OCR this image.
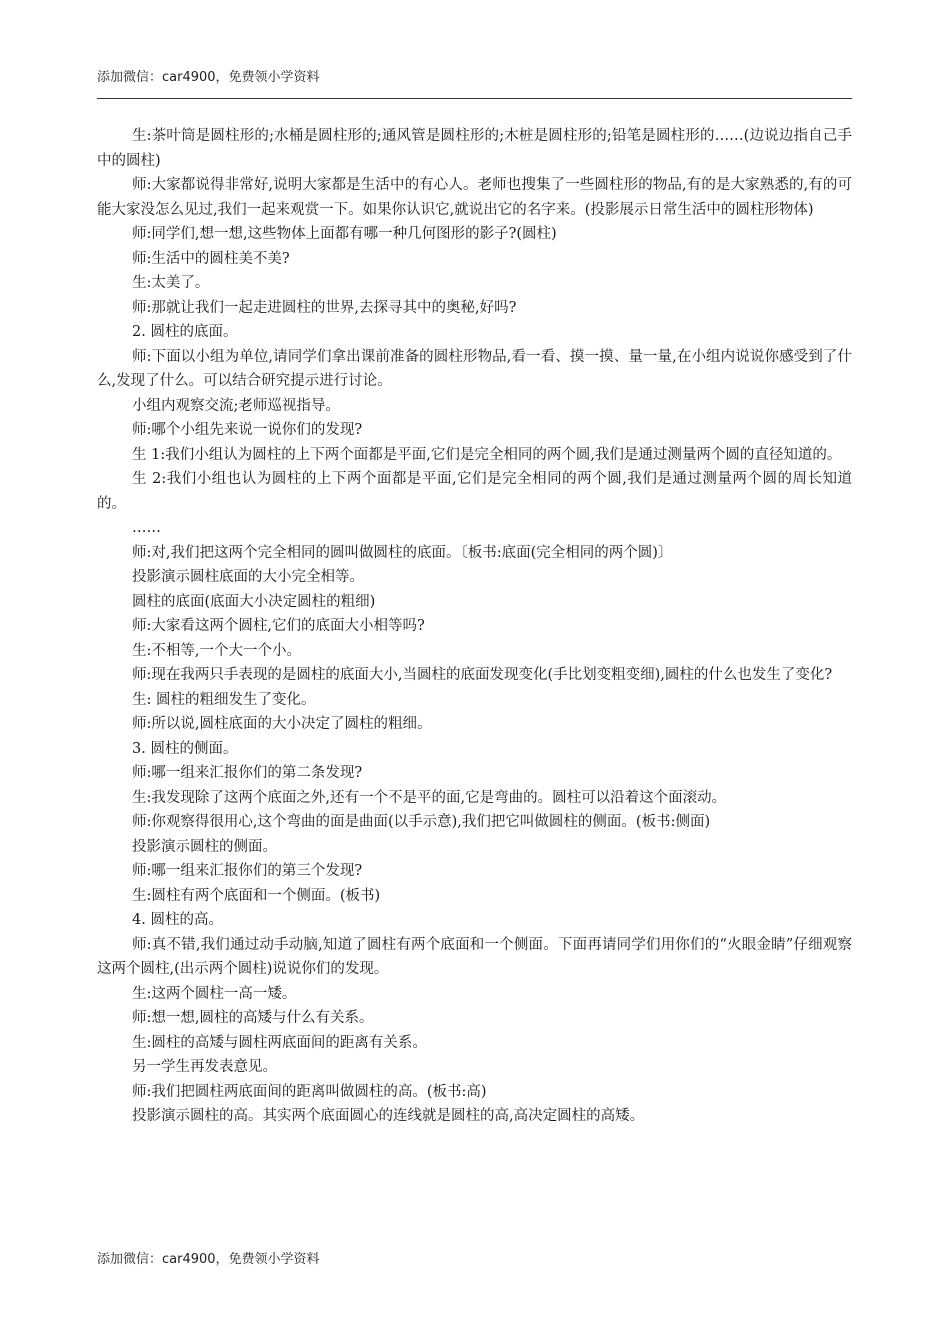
添加微信：car4900，免费领小学资料

生:茶叶筒是圆柱形的;水桶是圆柱形的;通风管是圆柱形的;木桩是圆柱形的;铅笔是圆柱形的……(边说边指自己手中的圆柱)

师:大家都说得非常好,说明大家都是生活中的有心人。老师也搜集了一些圆柱形的物品,有的是大家熟悉的,有的可能大家没怎么见过,我们一起来观赏一下。如果你认识它,就说出它的名字来。(投影展示日常生活中的圆柱形物体)

师:同学们,想一想,这些物体上面都有哪一种几何图形的影子?(圆柱)

师:生活中的圆柱美不美?

生:太美了。

师:那就让我们一起走进圆柱的世界,去探寻其中的奥秘,好吗?

2. 圆柱的底面。

师:下面以小组为单位,请同学们拿出课前准备的圆柱形物品,看一看、摸一摸、量一量,在小组内说说你感受到了什么,发现了什么。可以结合研究提示进行讨论。

小组内观察交流;老师巡视指导。

师:哪个小组先来说一说你们的发现?

生 1:我们小组认为圆柱的上下两个面都是平面,它们是完全相同的两个圆,我们是通过测量两个圆的直径知道的。

生 2:我们小组也认为圆柱的上下两个面都是平面,它们是完全相同的两个圆,我们是通过测量两个圆的周长知道的。

……

师:对,我们把这两个完全相同的圆叫做圆柱的底面。〔板书:底面(完全相同的两个圆)〕

投影演示圆柱底面的大小完全相等。

圆柱的底面(底面大小决定圆柱的粗细)

师:大家看这两个圆柱,它们的底面大小相等吗?

生:不相等,一个大一个小。

师:现在我两只手表现的是圆柱的底面大小,当圆柱的底面发现变化(手比划变粗变细),圆柱的什么也发生了变化?

生: 圆柱的粗细发生了变化。

师:所以说,圆柱底面的大小决定了圆柱的粗细。

3. 圆柱的侧面。

师:哪一组来汇报你们的第二条发现?

生:我发现除了这两个底面之外,还有一个不是平的面,它是弯曲的。圆柱可以沿着这个面滚动。

师:你观察得很用心,这个弯曲的面是曲面(以手示意),我们把它叫做圆柱的侧面。(板书:侧面)

投影演示圆柱的侧面。

师:哪一组来汇报你们的第三个发现?

生:圆柱有两个底面和一个侧面。(板书)

4. 圆柱的高。

师:真不错,我们通过动手动脑,知道了圆柱有两个底面和一个侧面。下面再请同学们用你们的“火眼金睛”仔细观察这两个圆柱,(出示两个圆柱)说说你们的发现。

生:这两个圆柱一高一矮。

师:想一想,圆柱的高矮与什么有关系。

生:圆柱的高矮与圆柱两底面间的距离有关系。

另一学生再发表意见。

师:我们把圆柱两底面间的距离叫做圆柱的高。(板书:高)

投影演示圆柱的高。其实两个底面圆心的连线就是圆柱的高,高决定圆柱的高矮。

添加微信：car4900，免费领小学资料
